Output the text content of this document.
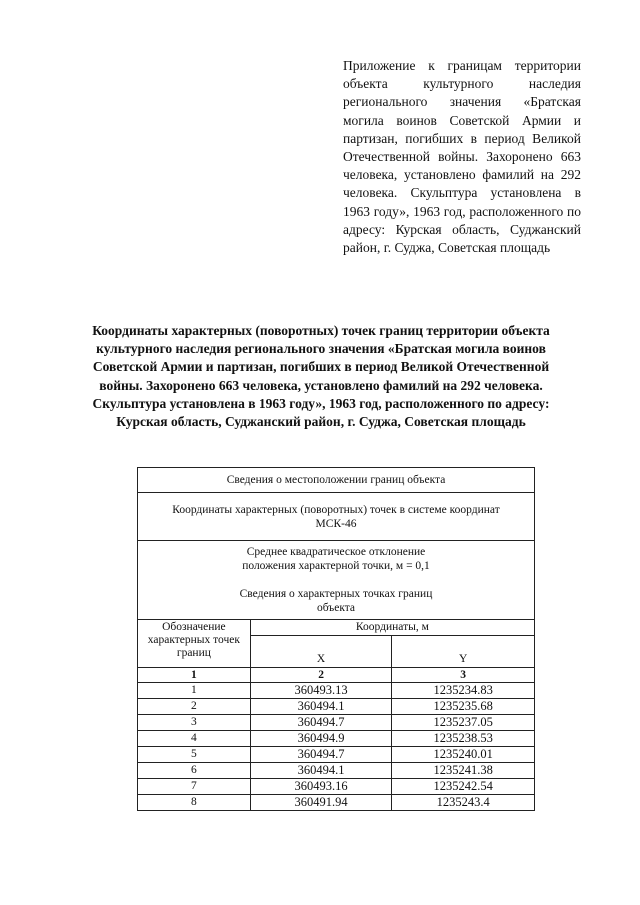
Приложение к границам территории объекта культурного наследия регионального значения «Братская могила воинов Советской Армии и партизан, погибших в период Великой Отечественной войны. Захоронено 663 человека, установлено фамилий на 292 человека. Скульптура установлена в 1963 году», 1963 год, расположенного по адресу: Курская область, Суджанский район, г. Суджа, Советская площадь
Координаты характерных (поворотных) точек границ территории объекта культурного наследия регионального значения «Братская могила воинов Советской Армии и партизан, погибших в период Великой Отечественной войны. Захоронено 663 человека, установлено фамилий на 292 человека. Скульптура установлена в 1963 году», 1963 год, расположенного по адресу: Курская область, Суджанский район, г. Суджа, Советская площадь
Сведения о местоположении границ объекта		
Координаты характерных (поворотных) точек в системе координат МСК-46		
Среднее квадратическое отклонение положения характерной точки, м = 0,1
Сведения о характерных точках границ объекта		
Обозначение характерных точек границ	Координаты, м	
	X	Y
1	2	3
1	360493.13	1235234.83
2	360494.1	1235235.68
3	360494.7	1235237.05
4	360494.9	1235238.53
5	360494.7	1235240.01
6	360494.1	1235241.38
7	360493.16	1235242.54
8	360491.94	1235243.4
